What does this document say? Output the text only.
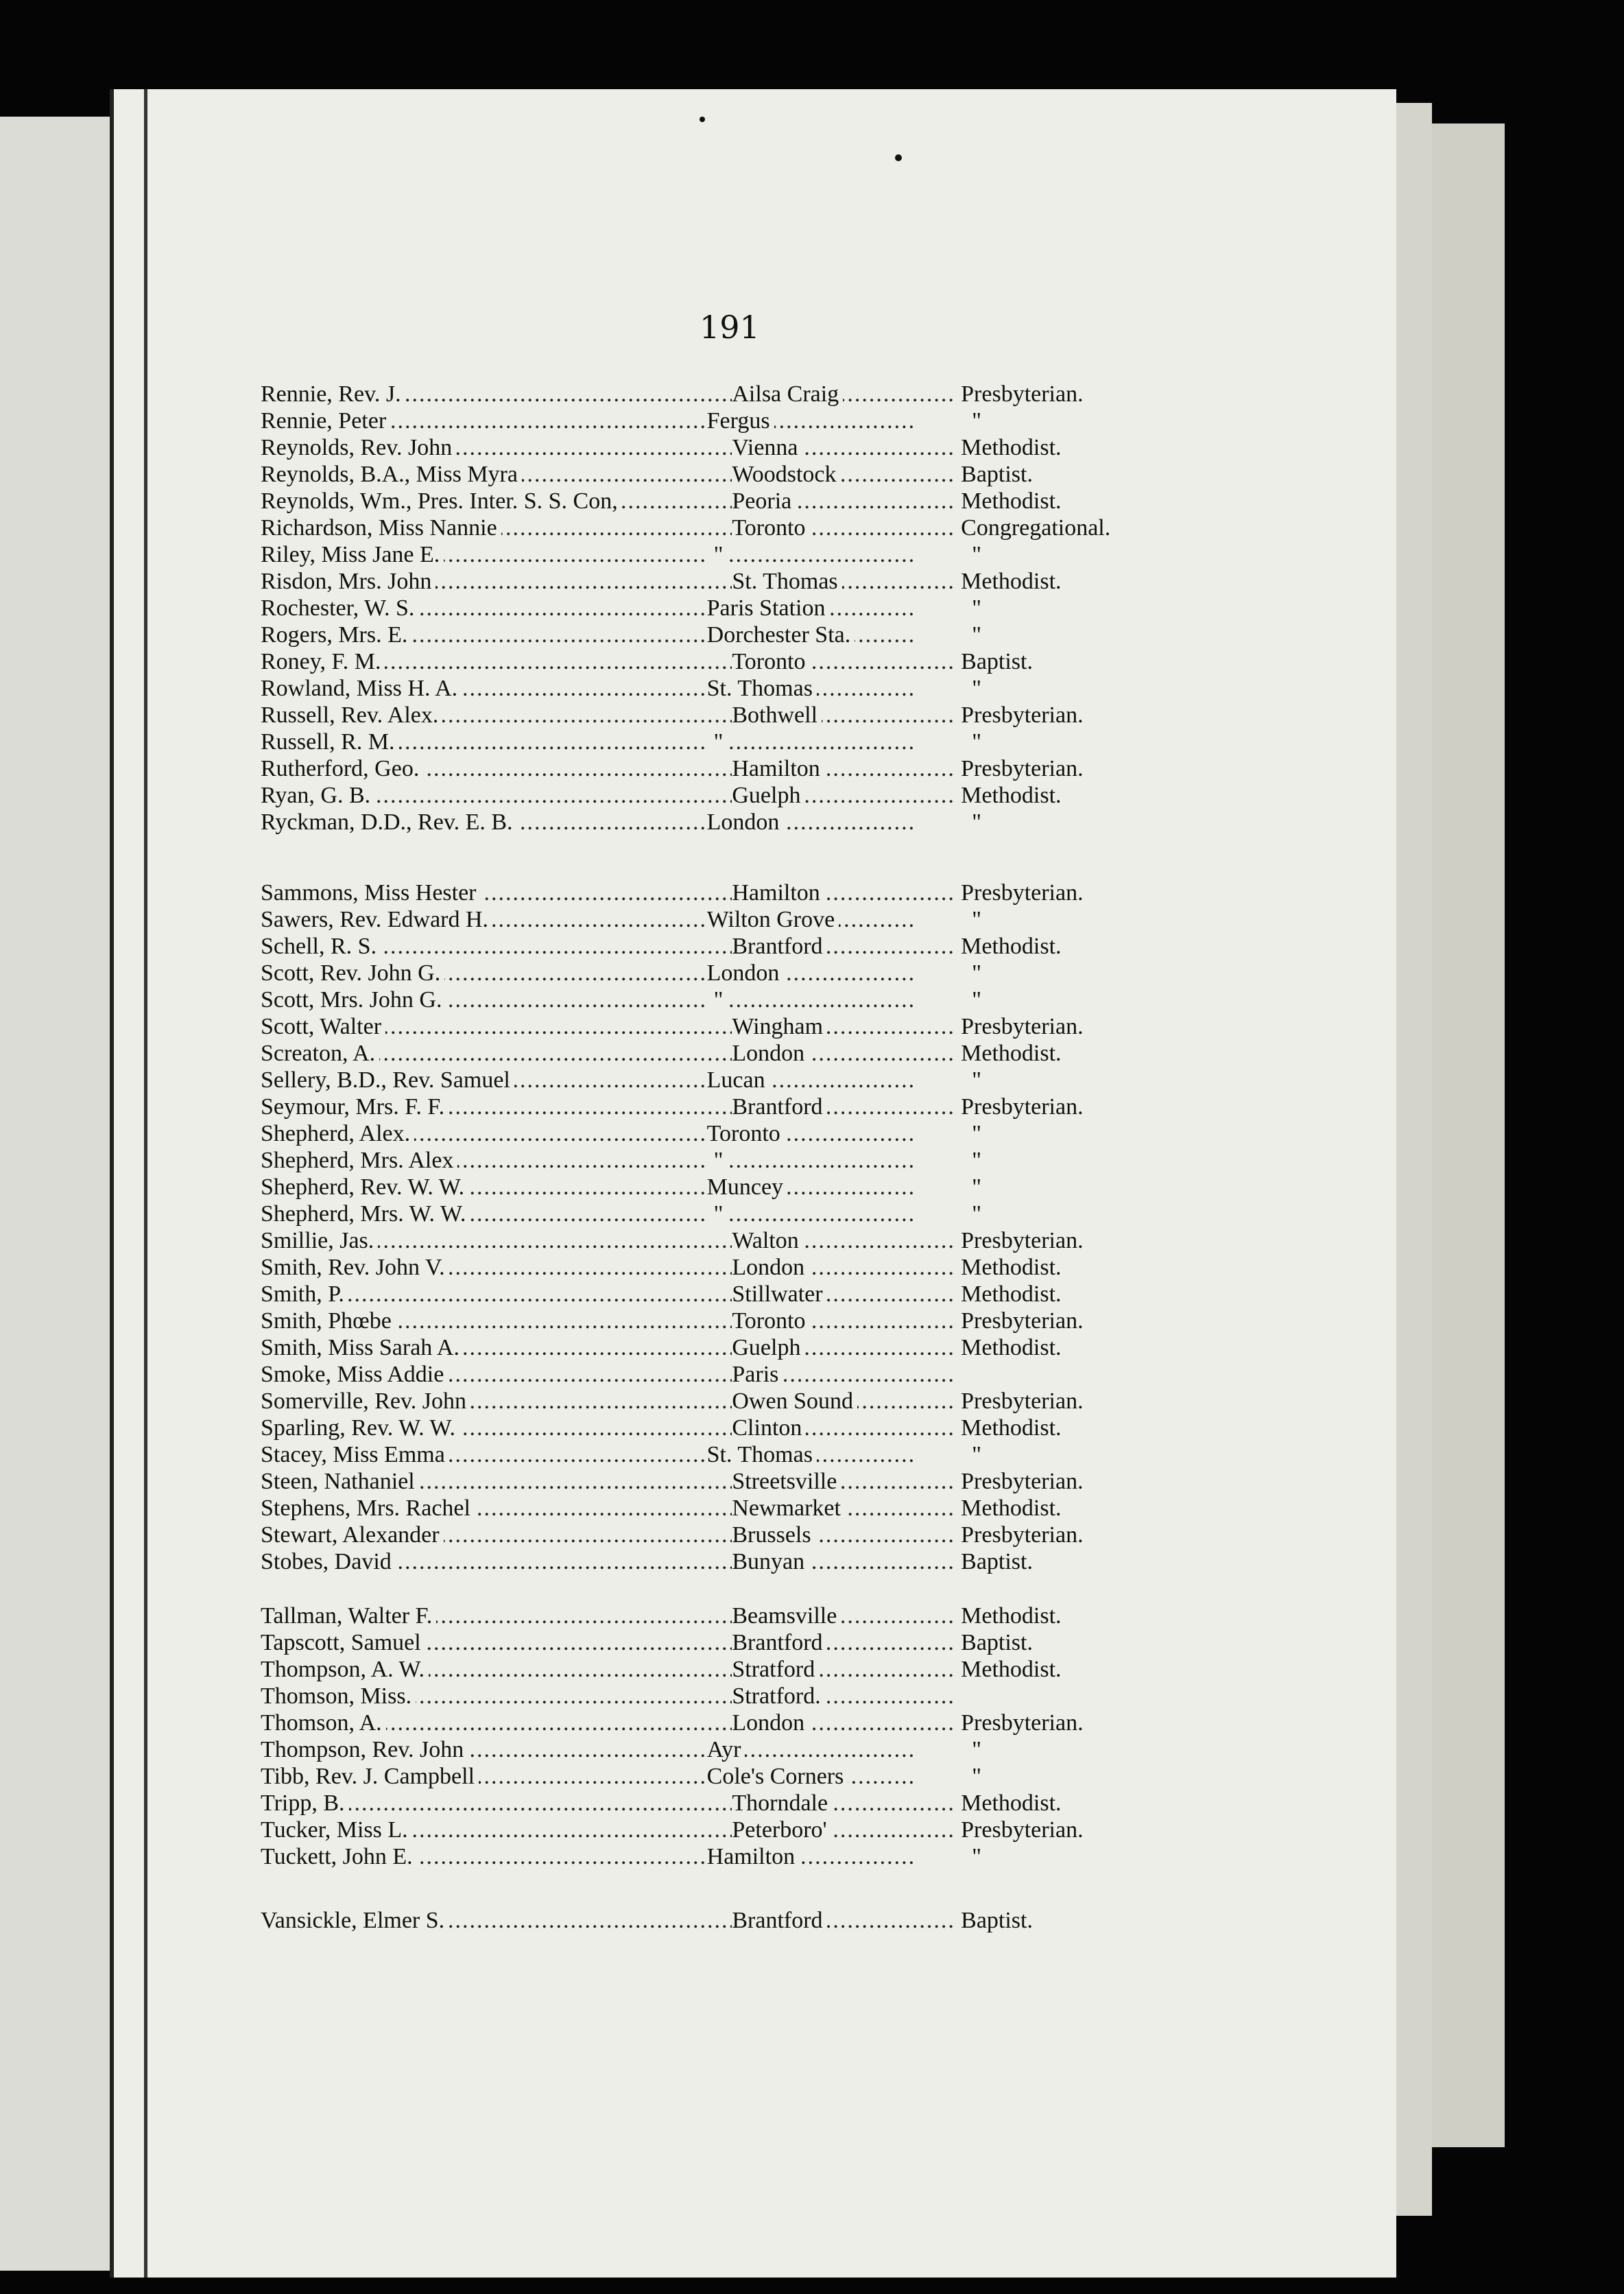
191
Rennie, Rev. J. .....	Ailsa Craig .....	Presbyterian.
Rennie, Peter .....	Fergus .....	"
Reynolds, Rev. John .....	Vienna .....	Methodist.
Reynolds, B.A., Miss Myra .....	Woodstock .....	Baptist.
Reynolds, Wm., Pres. Inter. S. S. Con, .....	Peoria .....	Methodist.
Richardson, Miss Nannie .....	Toronto .....	Congregational.
Riley, Miss Jane E. .....	" .....	"
Risdon, Mrs. John .....	St. Thomas .....	Methodist.
Rochester, W. S. .....	Paris Station .....	"
Rogers, Mrs. E. .....	Dorchester Sta. .....	"
Roney, F. M. .....	Toronto .....	Baptist.
Rowland, Miss H. A. .....	St. Thomas .....	"
Russell, Rev. Alex. .....	Bothwell .....	Presbyterian.
Russell, R. M. .....	" .....	"
Rutherford, Geo. .....	Hamilton .....	Presbyterian.
Ryan, G. B. .....	Guelph .....	Methodist.
Ryckman, D.D., Rev. E. B. .....	London .....	"
Sammons, Miss Hester .....	Hamilton .....	Presbyterian.
Sawers, Rev. Edward H. .....	Wilton Grove .....	"
Schell, R. S. .....	Brantford .....	Methodist.
Scott, Rev. John G. .....	London .....	"
Scott, Mrs. John G. .....	" .....	"
Scott, Walter .....	Wingham .....	Presbyterian.
Screaton, A. .....	London .....	Methodist.
Sellery, B.D., Rev. Samuel .....	Lucan .....	"
Seymour, Mrs. F. F. .....	Brantford .....	Presbyterian.
Shepherd, Alex. .....	Toronto .....	"
Shepherd, Mrs. Alex .....	" .....	"
Shepherd, Rev. W. W. .....	Muncey .....	"
Shepherd, Mrs. W. W. .....	" .....	"
Smillie, Jas. .....	Walton .....	Presbyterian.
Smith, Rev. John V. .....	London .....	Methodist.
Smith, P. .....	Stillwater .....	Methodist.
Smith, Phœbe .....	Toronto .....	Presbyterian.
Smith, Miss Sarah A. .....	Guelph .....	Methodist.
Smoke, Miss Addie .....	Paris .....
Somerville, Rev. John .....	Owen Sound .....	Presbyterian.
Sparling, Rev. W. W. .....	Clinton .....	Methodist.
Stacey, Miss Emma .....	St. Thomas .....	"
Steen, Nathaniel .....	Streetsville .....	Presbyterian.
Stephens, Mrs. Rachel .....	Newmarket .....	Methodist.
Stewart, Alexander .....	Brussels .....	Presbyterian.
Stobes, David .....	Bunyan .....	Baptist.
Tallman, Walter F. .....	Beamsville .....	Methodist.
Tapscott, Samuel .....	Brantford .....	Baptist.
Thompson, A. W. .....	Stratford .....	Methodist.
Thomson, Miss. .....	Stratford. .....
Thomson, A. .....	London .....	Presbyterian.
Thompson, Rev. John .....	Ayr .....	"
Tibb, Rev. J. Campbell .....	Cole's Corners .....	"
Tripp, B. .....	Thorndale .....	Methodist.
Tucker, Miss L. .....	Peterboro' .....	Presbyterian.
Tuckett, John E. .....	Hamilton .....	"
Vansickle, Elmer S. .....	Brantford .....	Baptist.
